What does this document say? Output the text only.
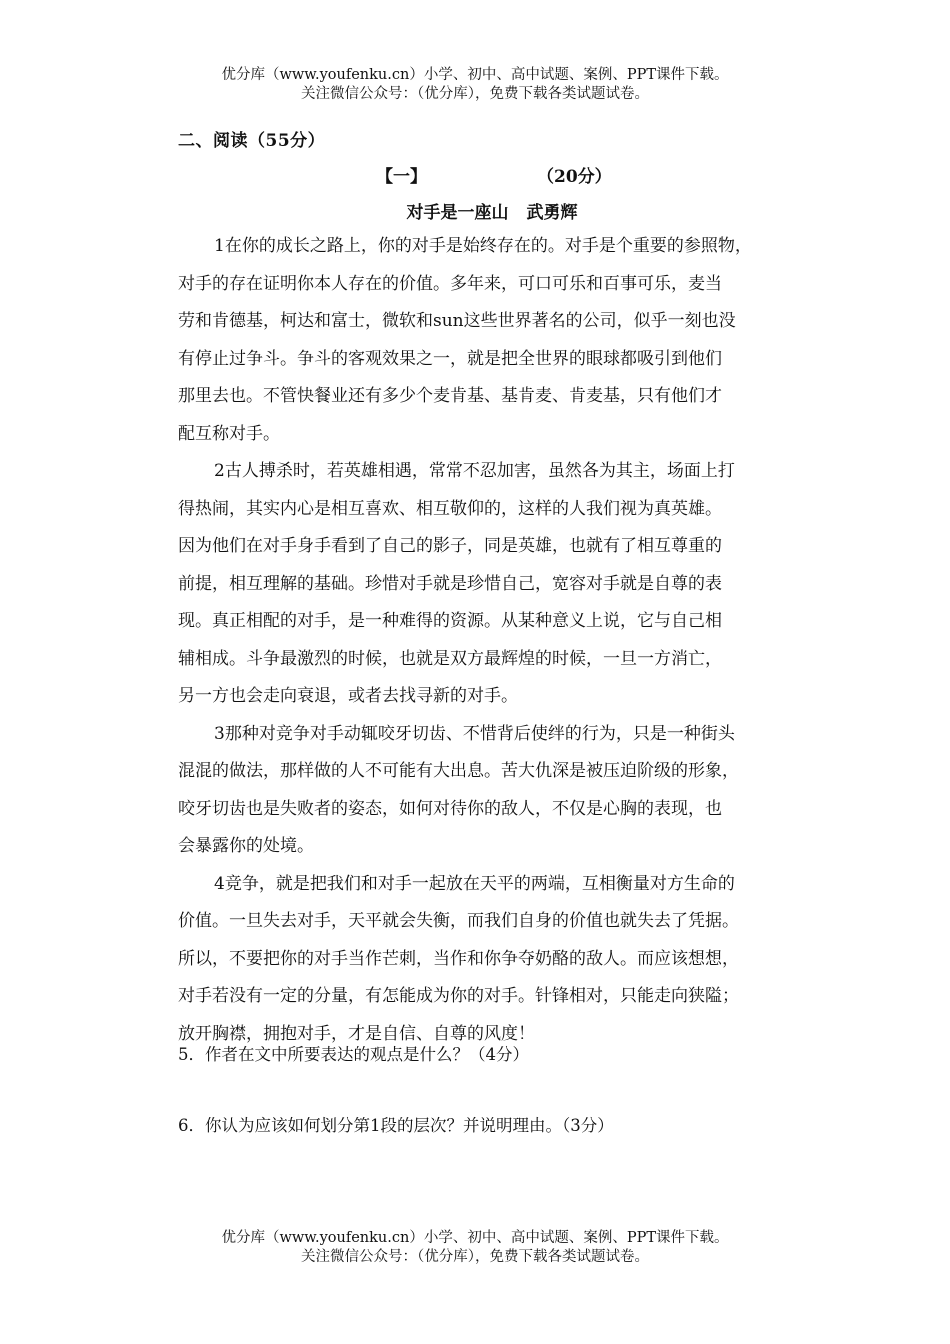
优分库（www.youfenku.cn）小学、初中、高中试题、案例、PPT课件下载。
关注微信公众号：（优分库），免费下载各类试题试卷。
二、阅读（55分）
【一】	（20分）
对手是一座山 武勇辉
1在你的成长之路上，你的对手是始终存在的。对手是个重要的参照物，
对手的存在证明你本人存在的价值。多年来，可口可乐和百事可乐，麦当
劳和肯德基，柯达和富士，微软和sun这些世界著名的公司，似乎一刻也没
有停止过争斗。争斗的客观效果之一，就是把全世界的眼球都吸引到他们
那里去也。不管快餐业还有多少个麦肯基、基肯麦、肯麦基，只有他们才
配互称对手。
2古人搏杀时，若英雄相遇，常常不忍加害，虽然各为其主，场面上打
得热闹，其实内心是相互喜欢、相互敬仰的，这样的人我们视为真英雄。
因为他们在对手身手看到了自己的影子，同是英雄，也就有了相互尊重的
前提，相互理解的基础。珍惜对手就是珍惜自己，宽容对手就是自尊的表
现。真正相配的对手，是一种难得的资源。从某种意义上说，它与自己相
辅相成。斗争最激烈的时候，也就是双方最辉煌的时候，一旦一方消亡，
另一方也会走向衰退，或者去找寻新的对手。
3那种对竞争对手动辄咬牙切齿、不惜背后使绊的行为，只是一种街头
混混的做法，那样做的人不可能有大出息。苦大仇深是被压迫阶级的形象，
咬牙切齿也是失败者的姿态，如何对待你的敌人，不仅是心胸的表现，也
会暴露你的处境。
4竞争，就是把我们和对手一起放在天平的两端，互相衡量对方生命的
价值。一旦失去对手，天平就会失衡，而我们自身的价值也就失去了凭据。
所以，不要把你的对手当作芒刺，当作和你争夺奶酪的敌人。而应该想想，
对手若没有一定的分量，有怎能成为你的对手。针锋相对，只能走向狭隘；
放开胸襟，拥抱对手，才是自信、自尊的风度！
5．作者在文中所要表达的观点是什么？（4分）
6．你认为应该如何划分第1段的层次？并说明理由。（3分）
优分库（www.youfenku.cn）小学、初中、高中试题、案例、PPT课件下载。
关注微信公众号：（优分库），免费下载各类试题试卷。
